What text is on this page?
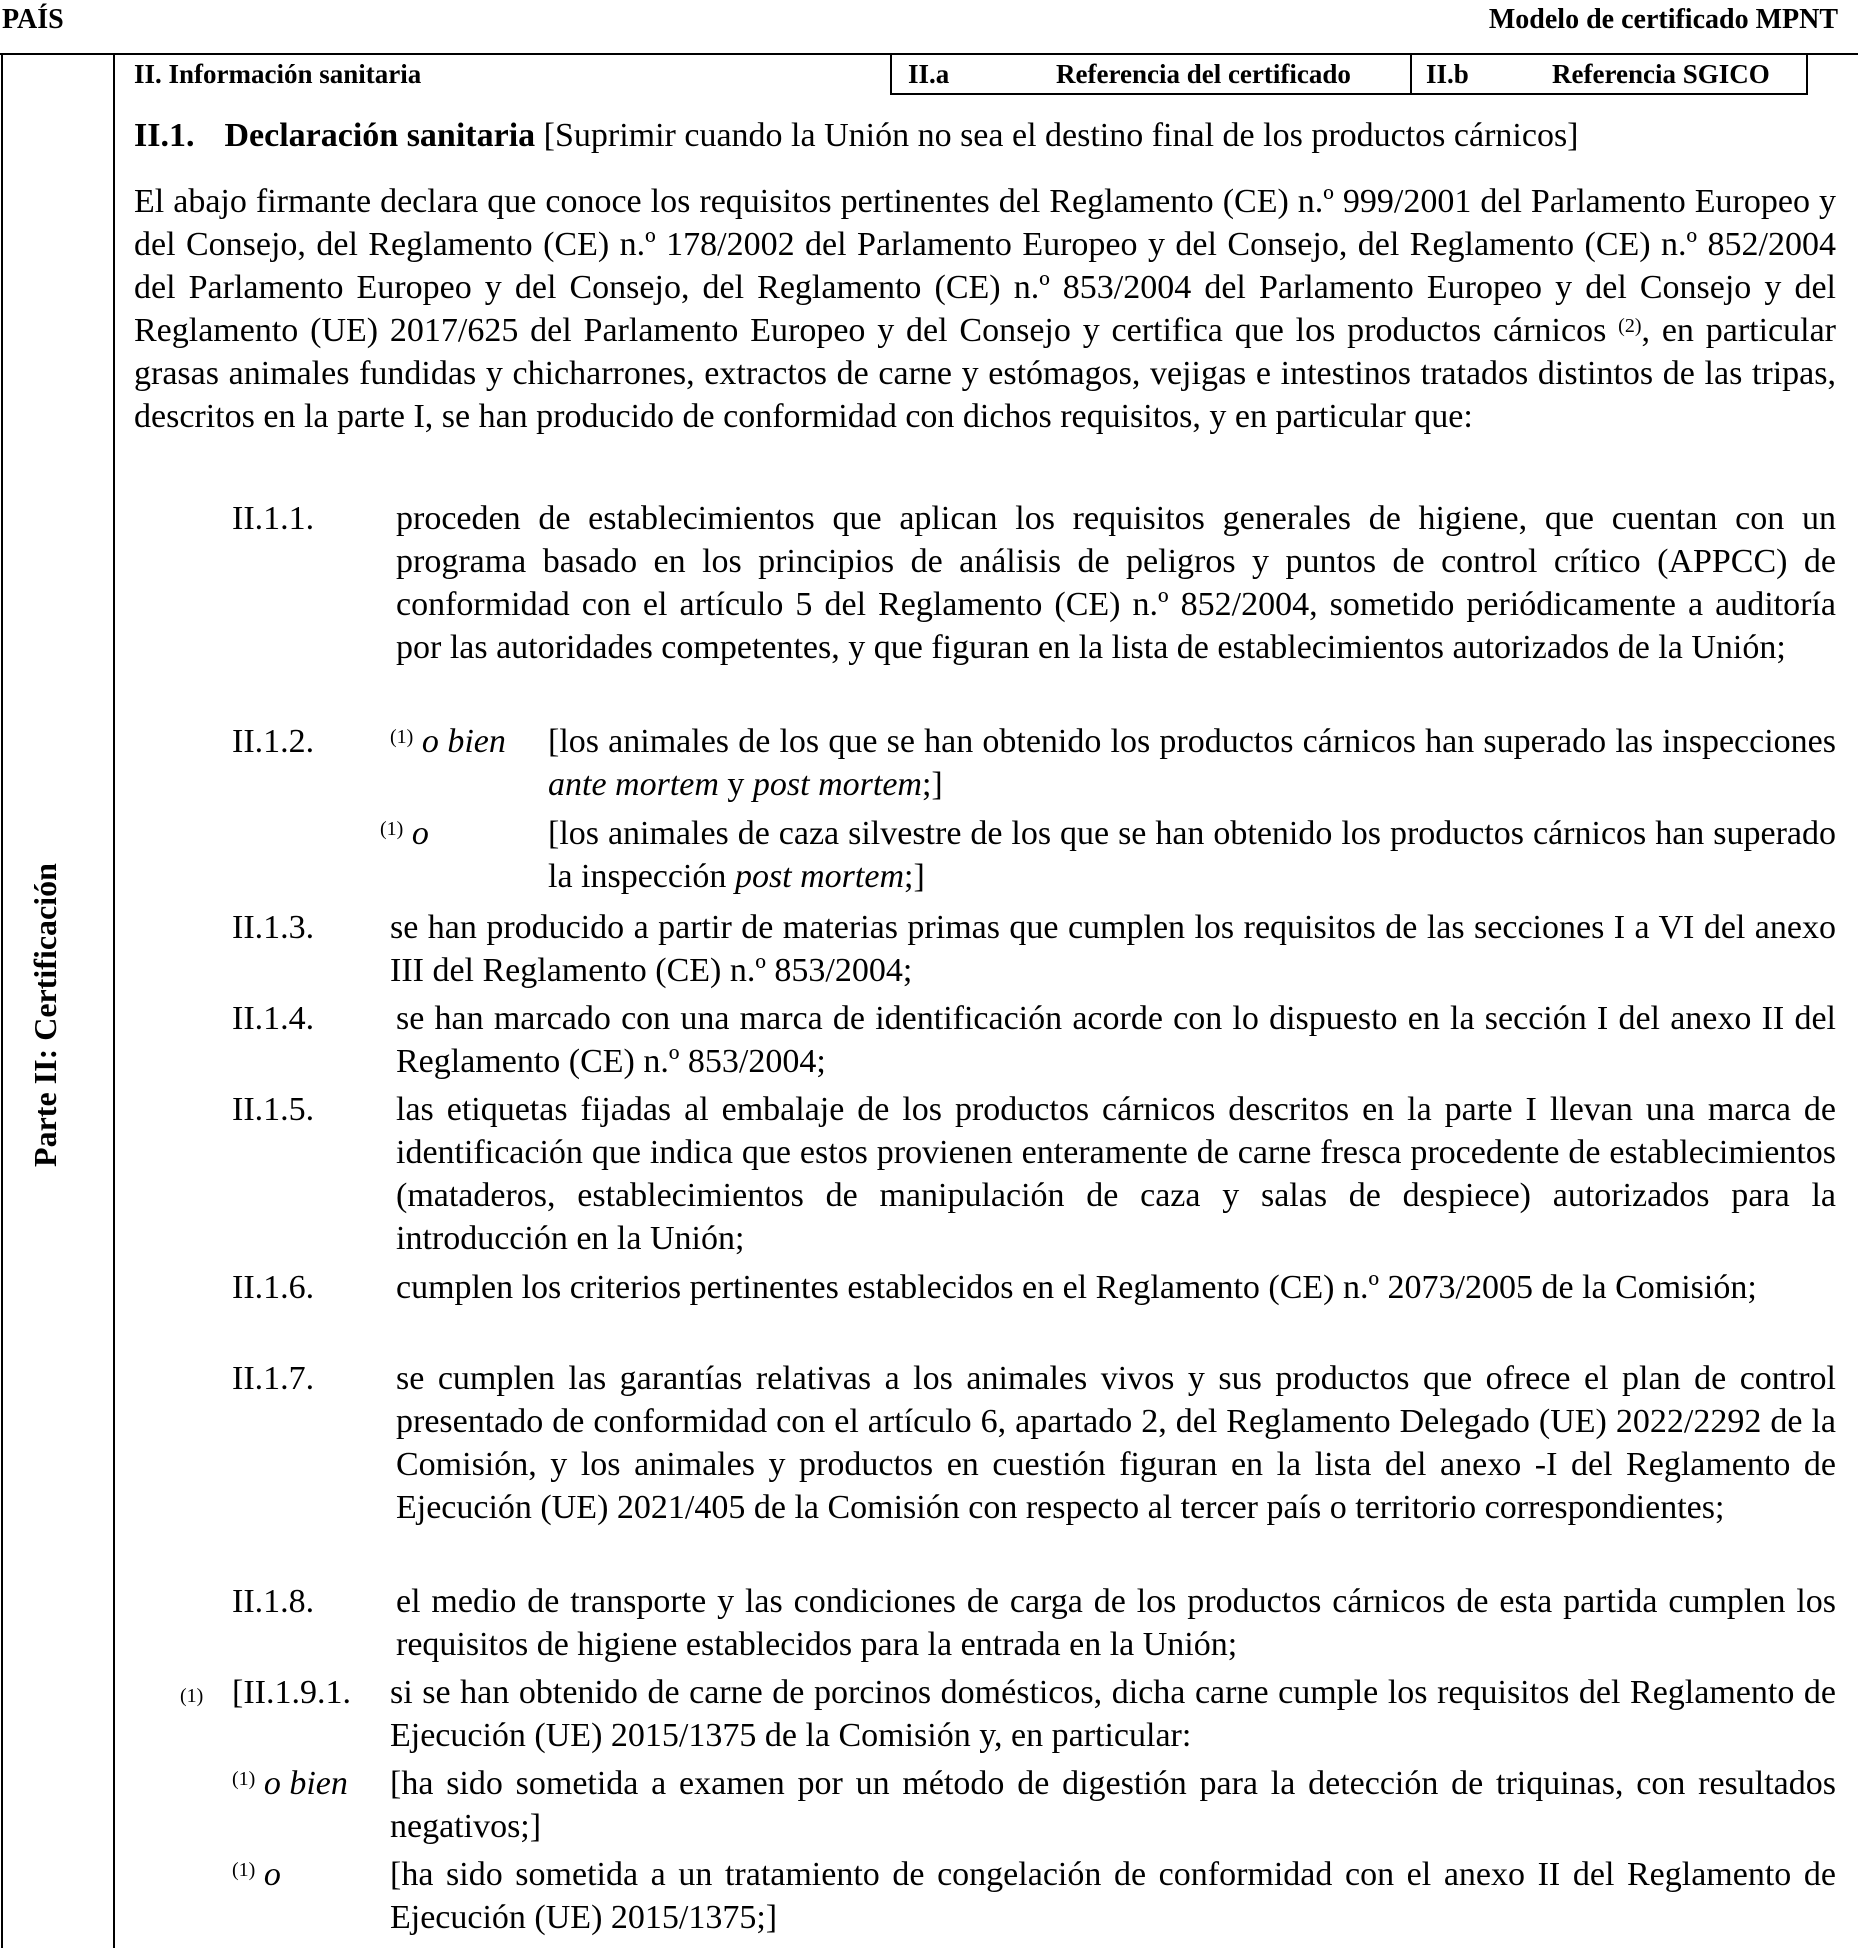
PAÍS	Modelo de certificado MPNT
Parte II: Certificación
II. Información sanitaria	II.a	Referencia del certificado	II.b	Referencia SGICO
II.1. Declaración sanitaria [Suprimir cuando la Unión no sea el destino final de los productos cárnicos]
El abajo firmante declara que conoce los requisitos pertinentes del Reglamento (CE) n.º 999/2001 del Parlamento Europeo y del Consejo, del Reglamento (CE) n.º 178/2002 del Parlamento Europeo y del Consejo, del Reglamento (CE) n.º 852/2004 del Parlamento Europeo y del Consejo, del Reglamento (CE) n.º 853/2004 del Parlamento Europeo y del Consejo y del Reglamento (UE) 2017/625 del Parlamento Europeo y del Consejo y certifica que los productos cárnicos $^{(2)}$, en particular grasas animales fundidas y chicharrones, extractos de carne y estómagos, vejigas e intestinos tratados distintos de las tripas, descritos en la parte I, se han producido de conformidad con dichos requisitos, y en particular que:
II.1.1. proceden de establecimientos que aplican los requisitos generales de higiene, que cuentan con un programa basado en los principios de análisis de peligros y puntos de control crítico (APPCC) de conformidad con el artículo 5 del Reglamento (CE) n.º 852/2004, sometido periódicamente a auditoría por las autoridades competentes, y que figuran en la lista de establecimientos autorizados de la Unión;
II.1.2.	$^{(1)}$ o bien [los animales de los que se han obtenido los productos cárnicos han superado las inspecciones ante mortem y post mortem;]
$^{(1)}$ o	[los animales de caza silvestre de los que se han obtenido los productos cárnicos han superado la inspección post mortem;]
II.1.3. se han producido a partir de materias primas que cumplen los requisitos de las secciones I a VI del anexo III del Reglamento (CE) n.º 853/2004;
II.1.4. se han marcado con una marca de identificación acorde con lo dispuesto en la sección I del anexo II del Reglamento (CE) n.º 853/2004;
II.1.5. las etiquetas fijadas al embalaje de los productos cárnicos descritos en la parte I llevan una marca de identificación que indica que estos provienen enteramente de carne fresca procedente de establecimientos (mataderos, establecimientos de manipulación de caza y salas de despiece) autorizados para la introducción en la Unión;
II.1.6. cumplen los criterios pertinentes establecidos en el Reglamento (CE) n.º 2073/2005 de la Comisión;
II.1.7. se cumplen las garantías relativas a los animales vivos y sus productos que ofrece el plan de control presentado de conformidad con el artículo 6, apartado 2, del Reglamento Delegado (UE) 2022/2292 de la Comisión, y los animales y productos en cuestión figuran en la lista del anexo -I del Reglamento de Ejecución (UE) 2021/405 de la Comisión con respecto al tercer país o territorio correspondientes;
II.1.8. el medio de transporte y las condiciones de carga de los productos cárnicos de esta partida cumplen los requisitos de higiene establecidos para la entrada en la Unión;
(1) [II.1.9.1. si se han obtenido de carne de porcinos domésticos, dicha carne cumple los requisitos del Reglamento de Ejecución (UE) 2015/1375 de la Comisión y, en particular:
$^{(1)}$ o bien [ha sido sometida a examen por un método de digestión para la detección de triquinas, con resultados negativos;]
$^{(1)}$ o	[ha sido sometida a un tratamiento de congelación de conformidad con el anexo II del Reglamento de Ejecución (UE) 2015/1375;]
